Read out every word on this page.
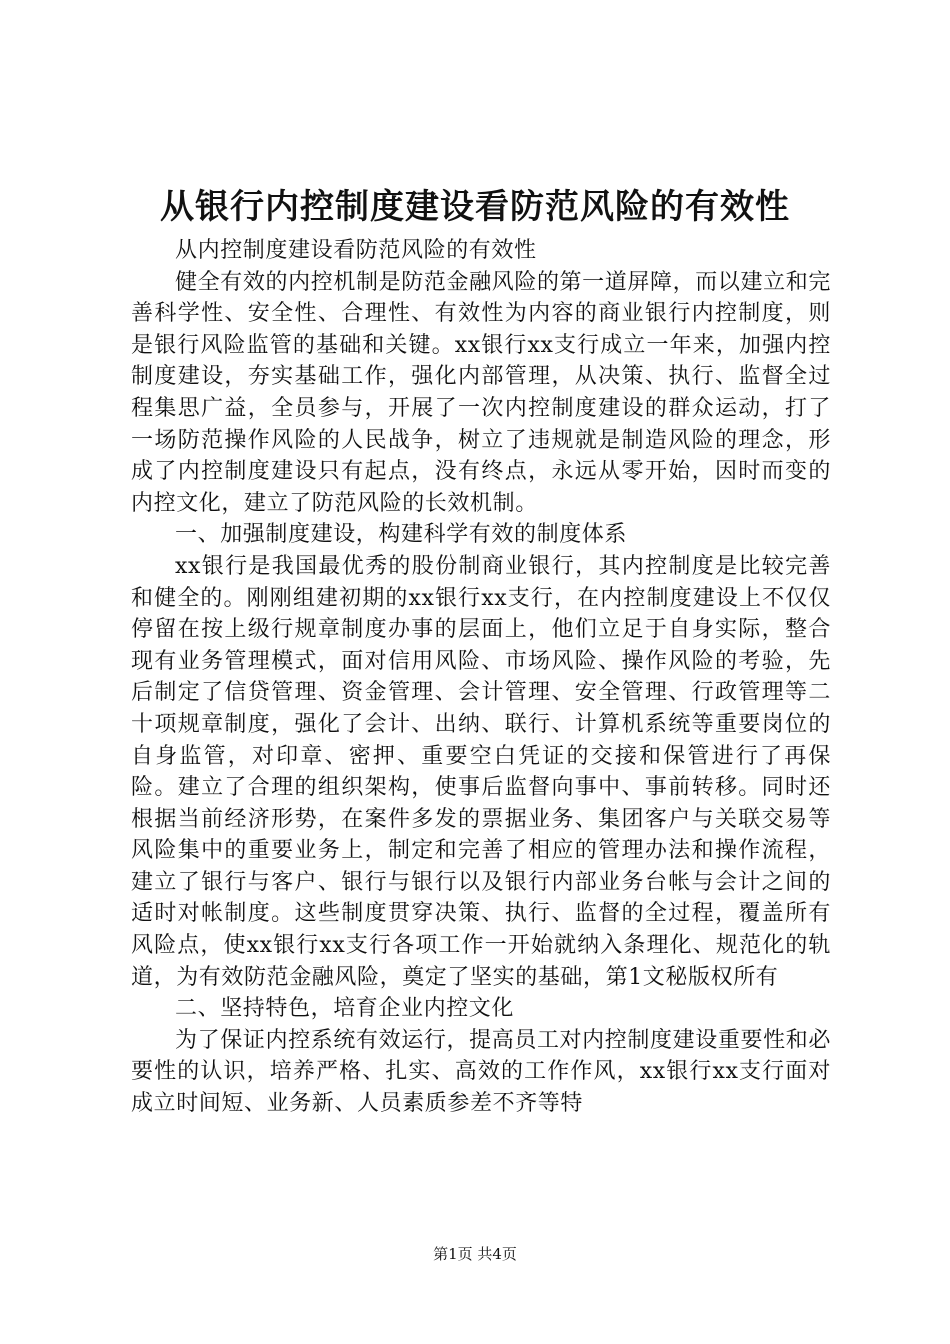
从银行内控制度建设看防范风险的有效性

从内控制度建设看防范风险的有效性

健全有效的内控机制是防范金融风险的第一道屏障，而以建立和完善科学性、安全性、合理性、有效性为内容的商业银行内控制度，则是银行风险监管的基础和关键。xx银行xx支行成立一年来，加强内控制度建设，夯实基础工作，强化内部管理，从决策、执行、监督全过程集思广益，全员参与，开展了一次内控制度建设的群众运动，打了一场防范操作风险的人民战争，树立了违规就是制造风险的理念，形成了内控制度建设只有起点，没有终点，永远从零开始，因时而变的内控文化，建立了防范风险的长效机制。

一、加强制度建设，构建科学有效的制度体系

xx银行是我国最优秀的股份制商业银行，其内控制度是比较完善和健全的。刚刚组建初期的xx银行xx支行，在内控制度建设上不仅仅停留在按上级行规章制度办事的层面上，他们立足于自身实际，整合现有业务管理模式，面对信用风险、市场风险、操作风险的考验，先后制定了信贷管理、资金管理、会计管理、安全管理、行政管理等二十项规章制度，强化了会计、出纳、联行、计算机系统等重要岗位的自身监管，对印章、密押、重要空白凭证的交接和保管进行了再保险。建立了合理的组织架构，使事后监督向事中、事前转移。同时还根据当前经济形势，在案件多发的票据业务、集团客户与关联交易等风险集中的重要业务上，制定和完善了相应的管理办法和操作流程，建立了银行与客户、银行与银行以及银行内部业务台帐与会计之间的适时对帐制度。这些制度贯穿决策、执行、监督的全过程，覆盖所有风险点，使xx银行xx支行各项工作一开始就纳入条理化、规范化的轨道，为有效防范金融风险，奠定了坚实的基础，第1文秘版权所有

二、坚持特色，培育企业内控文化

为了保证内控系统有效运行，提高员工对内控制度建设重要性和必要性的认识，培养严格、扎实、高效的工作作风，xx银行xx支行面对成立时间短、业务新、人员素质参差不齐等特

第1页 共4页
